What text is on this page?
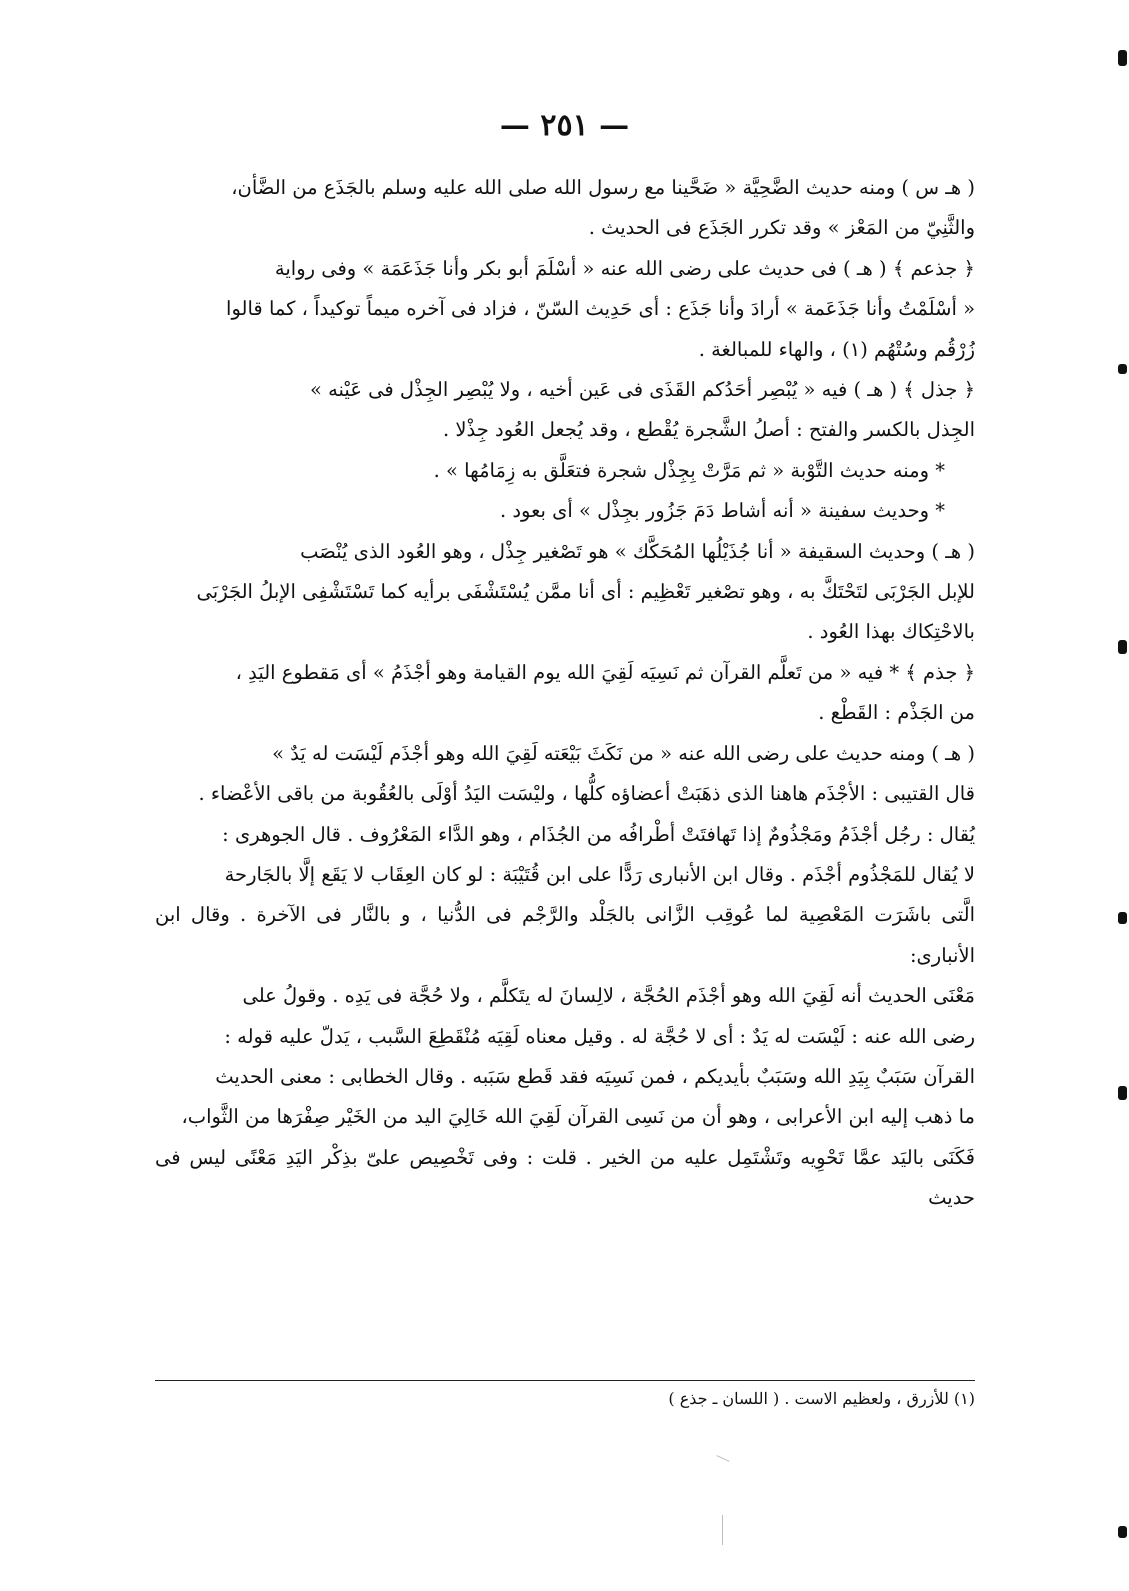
— ٢٥١ —

( هـ س ) ومنه حديث الضَّحِيَّة « ضَحَّينا مع رسول الله صلى الله عليه وسلم بالجَذَع من الضَّأن،

والثَّنِيّ من المَعْز » وقد تكرر الجَذَع فى الحديث .

﴿ جذعم ﴾ ( هـ ) فى حديث على رضى الله عنه « أسْلَمَ أبو بكر وأنا جَذَعَمَة » وفى رواية

« أسْلَمْتُ وأنا جَذَعَمة » أرادَ وأنا جَذَع : أى حَدِيث السّنّ ، فزاد فى آخره ميماً توكيداً ، كما قالوا

زُرْقُم وسُتْهُم (١) ، والهاء للمبالغة .

﴿ جذل ﴾ ( هـ ) فيه « يُبْصِر أحَدُكم القَذَى فى عَين أخيه ، ولا يُبْصِر الجِذْل فى عَيْنه »

الجِذل بالكسر والفتح : أصلُ الشَّجرة يُقْطع ، وقد يُجعل العُود جِذْلا .

* ومنه حديث التَّوْبة « ثم مَرَّتْ بِجِذْل شجرة فتعَلَّق به زِمَامُها » .

* وحديث سفينة « أنه أشاط دَمَ جَزُور بجِذْل » أى بعود .

( هـ ) وحديث السقيفة « أنا جُذَيْلُها المُحَكَّك » هو تَصْغير جِذْل ، وهو العُود الذى يُنْصَب

للإبل الجَرْبَى لتَحْتَكَّ به ، وهو تصْغير تَعْظِيم : أى أنا ممَّن يُسْتَشْفَى برأيه كما تَسْتَشْفِى الإبلُ الجَرْبَى

بالاحْتِكاك بهذا العُود .

﴿ جذم ﴾ * فيه « من تَعلَّم القرآن ثم نَسِيَه لَقِيَ الله يوم القيامة وهو أجْذَمُ » أى مَقطوع اليَدِ ،

من الجَذْم : القَطْع .

( هـ ) ومنه حديث على رضى الله عنه « من نَكَثَ بَيْعَته لَقِيَ الله وهو أجْذَم لَيْسَت له يَدٌ »

قال القتيبى : الأجْذَم هاهنا الذى ذهَبَتْ أعضاؤه كلُّها ، وليْسَت اليَدُ أوْلَى بالعُقُوبة من باقى الأعْضاء .

يُقال : رجُل أجْذَمُ ومَجْذُومٌ إذا تَهافتَتْ أطْرافُه من الجُذَام ، وهو الدَّاء المَعْرُوف . قال الجوهرى :

لا يُقال للمَجْذُوم أجْذَم . وقال ابن الأنبارى رَدًّا على ابن قُتَيْبَة : لو كان العِقَاب لا يَقَع إلَّا بالجَارحة

الَّتى باشَرَت المَعْصِية لما عُوقِب الزَّانى بالجَلْد والرَّجْم فى الدُّنيا ، و بالنَّار فى الآخرة . وقال ابن الأنبارى:

مَعْنَى الحديث أنه لَقِيَ الله وهو أجْذَم الحُجَّة ، لالِسانَ له يتَكلَّم ، ولا حُجَّة فى يَدِه . وقولُ على

رضى الله عنه : لَيْسَت له يَدٌ : أى لا حُجَّة له . وقيل معناه لَقِيَه مُنْقَطِعَ السَّبب ، يَدلّ عليه قوله :

القرآن سَبَبٌ بِيَدِ الله وسَبَبٌ بأيديكم ، فمن نَسِيَه فقد قَطع سَبَبه . وقال الخطابى : معنى الحديث

ما ذهب إليه ابن الأعرابى ، وهو أن من نَسِى القرآن لَقِيَ الله خَالِيَ اليد من الخَيْر صِفْرَها من الثَّواب،

فَكَنَى باليَد عمَّا تَحْوِيه وتَشْتَمِل عليه من الخير . قلت : وفى تَخْصِيص علىّ بذِكْر اليَدِ مَعْنًى ليس فى حديث

(١) للأزرق ، ولعظيم الاست . ( اللسان ـ جذع )
